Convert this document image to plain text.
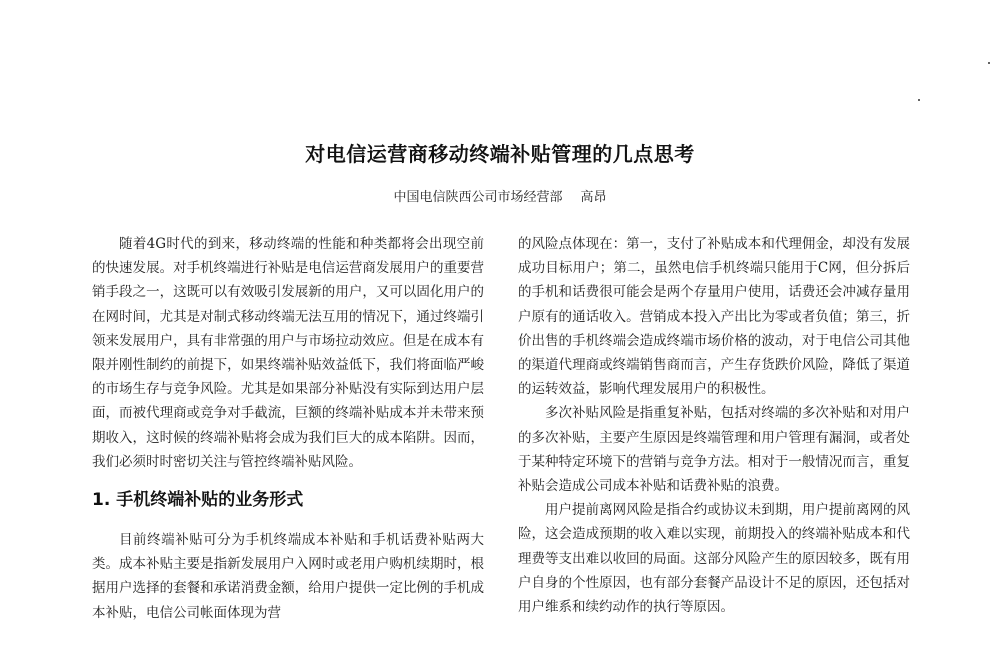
对电信运营商移动终端补贴管理的几点思考
中国电信陕西公司市场经营部 高昂

随着4G时代的到来，移动终端的性能和种类都将会出现空前的快速发展。对手机终端进行补贴是电信运营商发展用户的重要营销手段之一，这既可以有效吸引发展新的用户，又可以固化用户的在网时间，尤其是对制式移动终端无法互用的情况下，通过终端引领来发展用户，具有非常强的用户与市场拉动效应。但是在成本有限并刚性制约的前提下，如果终端补贴效益低下，我们将面临严峻的市场生存与竞争风险。尤其是如果部分补贴没有实际到达用户层面，而被代理商或竞争对手截流，巨额的终端补贴成本并未带来预期收入，这时候的终端补贴将会成为我们巨大的成本陷阱。因而，我们必须时时密切关注与管控终端补贴风险。

1. 手机终端补贴的业务形式

目前终端补贴可分为手机终端成本补贴和手机话费补贴两大类。成本补贴主要是指新发展用户入网时或老用户购机续期时，根据用户选择的套餐和承诺消费金额，给用户提供一定比例的手机成本补贴，电信公司帐面体现为营

的风险点体现在：第一，支付了补贴成本和代理佣金，却没有发展成功目标用户；第二，虽然电信手机终端只能用于C网，但分拆后的手机和话费很可能会是两个存量用户使用，话费还会冲减存量用户原有的通话收入。营销成本投入产出比为零或者负值；第三，折价出售的手机终端会造成终端市场价格的波动，对于电信公司其他的渠道代理商或终端销售商而言，产生存货跌价风险，降低了渠道的运转效益，影响代理发展用户的积极性。

多次补贴风险是指重复补贴，包括对终端的多次补贴和对用户的多次补贴，主要产生原因是终端管理和用户管理有漏洞，或者处于某种特定环境下的营销与竞争方法。相对于一般情况而言，重复补贴会造成公司成本补贴和话费补贴的浪费。

用户提前离网风险是指合约或协议未到期，用户提前离网的风险，这会造成预期的收入难以实现，前期投入的终端补贴成本和代理费等支出难以收回的局面。这部分风险产生的原因较多，既有用户自身的个性原因，也有部分套餐产品设计不足的原因，还包括对用户维系和续约动作的执行等原因。
